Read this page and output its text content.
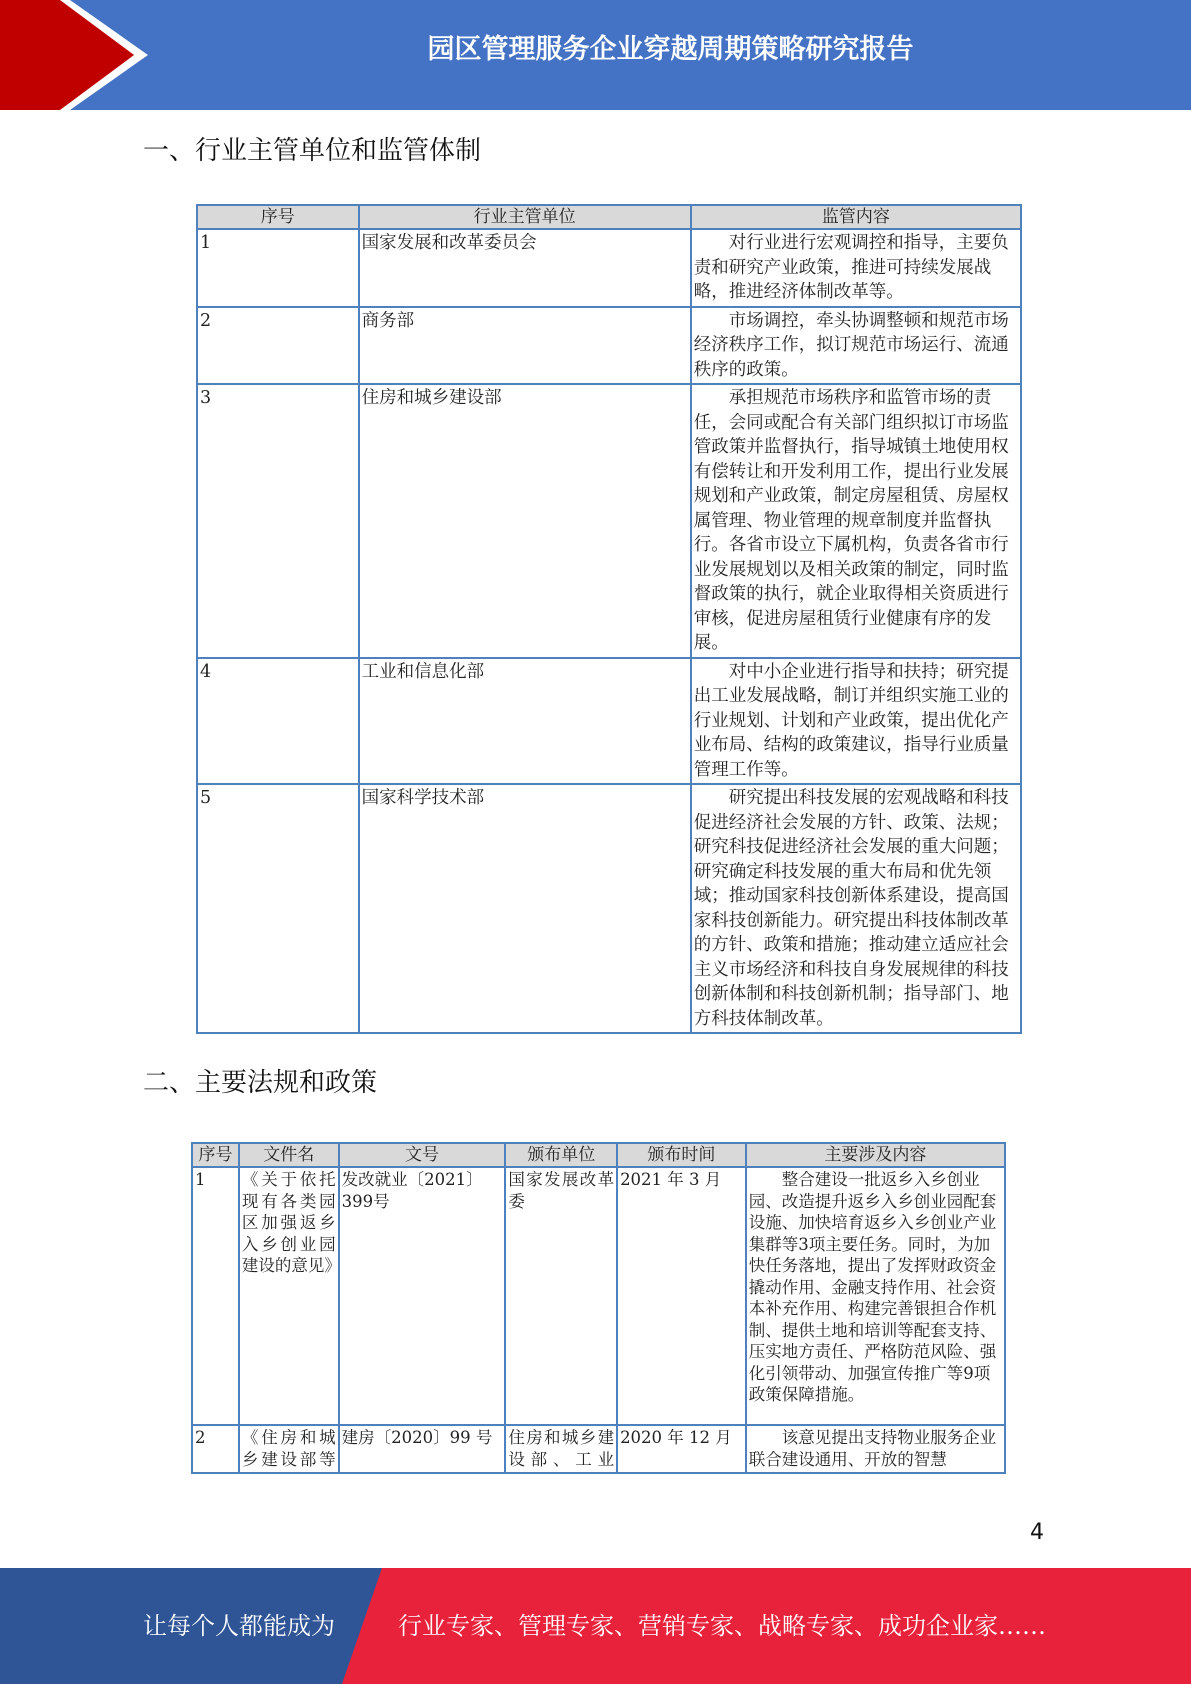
园区管理服务企业穿越周期策略研究报告
一、行业主管单位和监管体制
序号	行业主管单位	监管内容
1	国家发展和改革委员会	对行业进行宏观调控和指导，主要负责和研究产业政策，推进可持续发展战略，推进经济体制改革等。
2	商务部	市场调控，牵头协调整顿和规范市场经济秩序工作，拟订规范市场运行、流通秩序的政策。
3	住房和城乡建设部	承担规范市场秩序和监管市场的责任，会同或配合有关部门组织拟订市场监管政策并监督执行，指导城镇土地使用权有偿转让和开发利用工作，提出行业发展规划和产业政策，制定房屋租赁、房屋权属管理、物业管理的规章制度并监督执行。各省市设立下属机构，负责各省市行业发展规划以及相关政策的制定，同时监督政策的执行，就企业取得相关资质进行审核，促进房屋租赁行业健康有序的发展。
4	工业和信息化部	对中小企业进行指导和扶持；研究提出工业发展战略，制订并组织实施工业的行业规划、计划和产业政策，提出优化产业布局、结构的政策建议，指导行业质量管理工作等。
5	国家科学技术部	研究提出科技发展的宏观战略和科技促进经济社会发展的方针、政策、法规；研究科技促进经济社会发展的重大问题；研究确定科技发展的重大布局和优先领域；推动国家科技创新体系建设，提高国家科技创新能力。研究提出科技体制改革的方针、政策和措施；推动建立适应社会主义市场经济和科技自身发展规律的科技创新体制和科技创新机制；指导部门、地方科技体制改革。
二、主要法规和政策
序号	文件名	文号	颁布单位	颁布时间	主要涉及内容
1	《关于依托现有各类园区加强返乡入乡创业园建设的意见》	发改就业〔2021〕399号	国家发展改革委	2021 年 3 月	整合建设一批返乡入乡创业园、改造提升返乡入乡创业园配套设施、加快培育返乡入乡创业产业集群等3项主要任务。同时，为加快任务落地，提出了发挥财政资金撬动作用、金融支持作用、社会资本补充作用、构建完善银担合作机制、提供土地和培训等配套支持、压实地方责任、严格防范风险、强化引领带动、加强宣传推广等9项政策保障措施。
2	《住房和城乡建设部等	建房〔2020〕99 号	住房和城乡建设部、工业	2020 年 12 月	该意见提出支持物业服务企业联合建设通用、开放的智慧
4
让每个人都能成为	行业专家、管理专家、营销专家、战略专家、成功企业家……
